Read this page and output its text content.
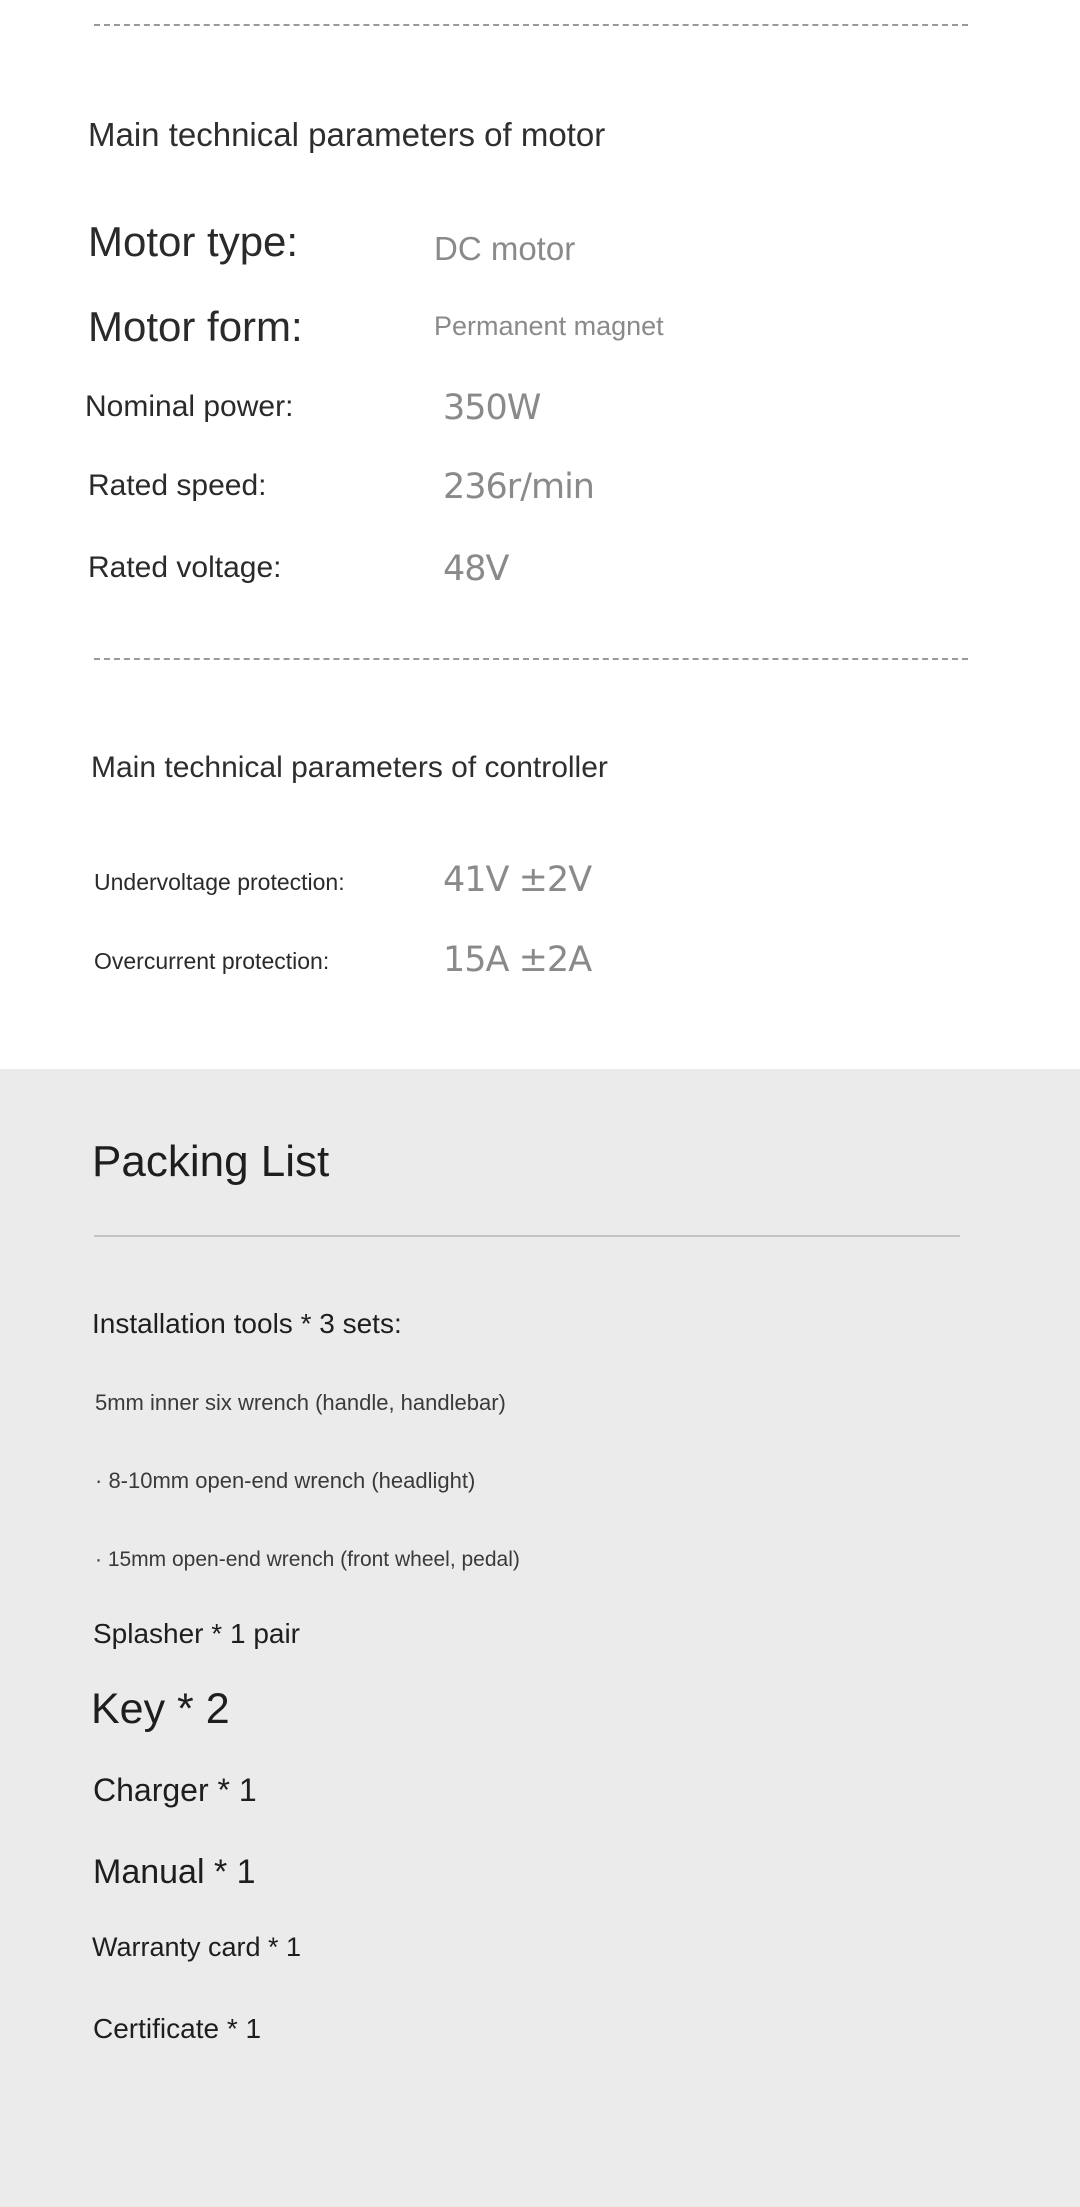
Main technical parameters of motor
Motor type:	DC motor
Motor form:	Permanent magnet
Nominal power:	350W
Rated speed:	236r/min
Rated voltage:	48V
Main technical parameters of controller
Undervoltage protection:	41V ±2V
Overcurrent protection:	15A ±2A
Packing List
Installation tools * 3 sets:
5mm inner six wrench (handle, handlebar)
· 8-10mm open-end wrench (headlight)
· 15mm open-end wrench (front wheel, pedal)
Splasher * 1 pair
Key * 2
Charger * 1
Manual * 1
Warranty card * 1
Certificate * 1
